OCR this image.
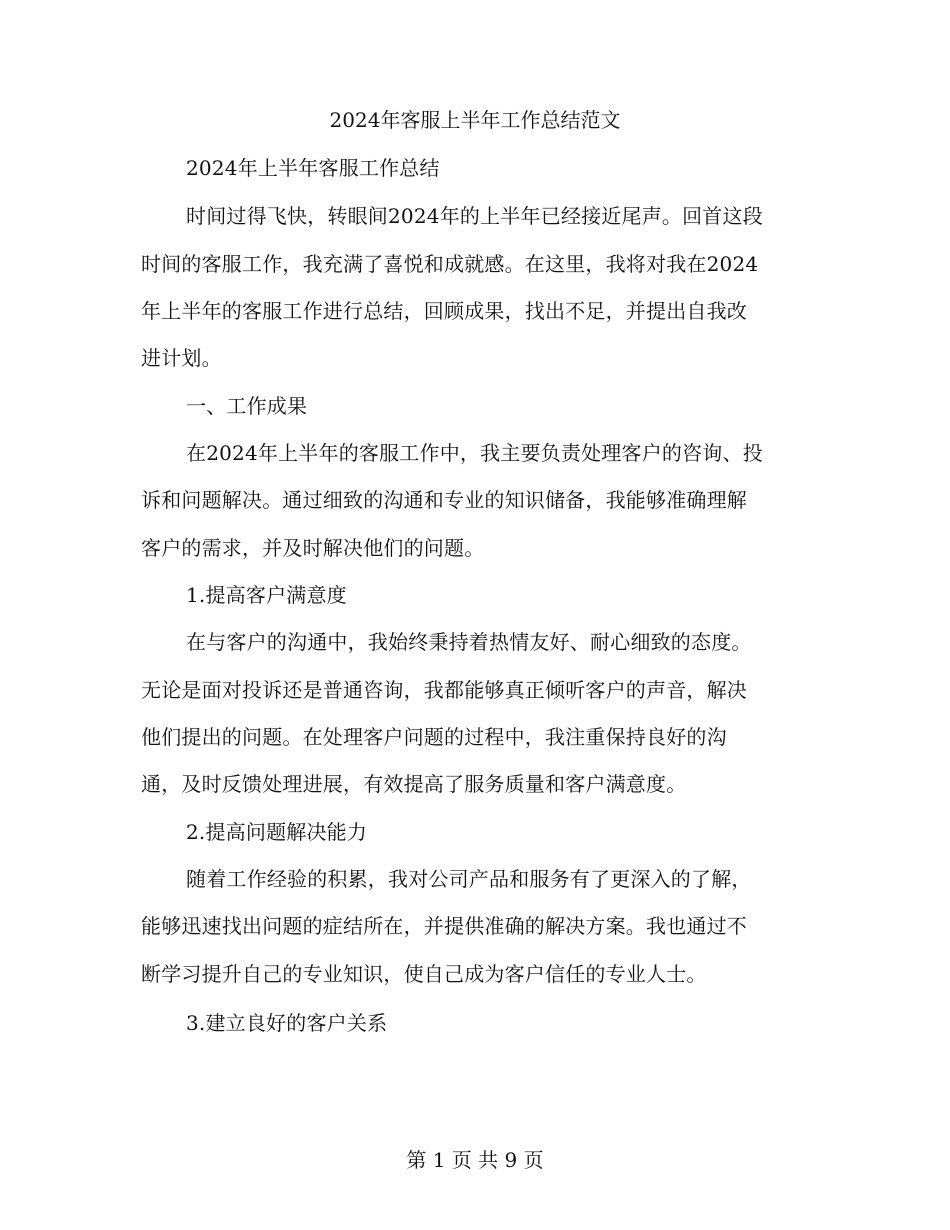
2024年客服上半年工作总结范文
2024年上半年客服工作总结
时间过得飞快，转眼间2024年的上半年已经接近尾声。回首这段
时间的客服工作，我充满了喜悦和成就感。在这里，我将对我在2024
年上半年的客服工作进行总结，回顾成果，找出不足，并提出自我改
进计划。
一、工作成果
在2024年上半年的客服工作中，我主要负责处理客户的咨询、投
诉和问题解决。通过细致的沟通和专业的知识储备，我能够准确理解
客户的需求，并及时解决他们的问题。
1.提高客户满意度
在与客户的沟通中，我始终秉持着热情友好、耐心细致的态度。
无论是面对投诉还是普通咨询，我都能够真正倾听客户的声音，解决
他们提出的问题。在处理客户问题的过程中，我注重保持良好的沟
通，及时反馈处理进展，有效提高了服务质量和客户满意度。
2.提高问题解决能力
随着工作经验的积累，我对公司产品和服务有了更深入的了解，
能够迅速找出问题的症结所在，并提供准确的解决方案。我也通过不
断学习提升自己的专业知识，使自己成为客户信任的专业人士。
3.建立良好的客户关系
第 1 页 共 9 页
